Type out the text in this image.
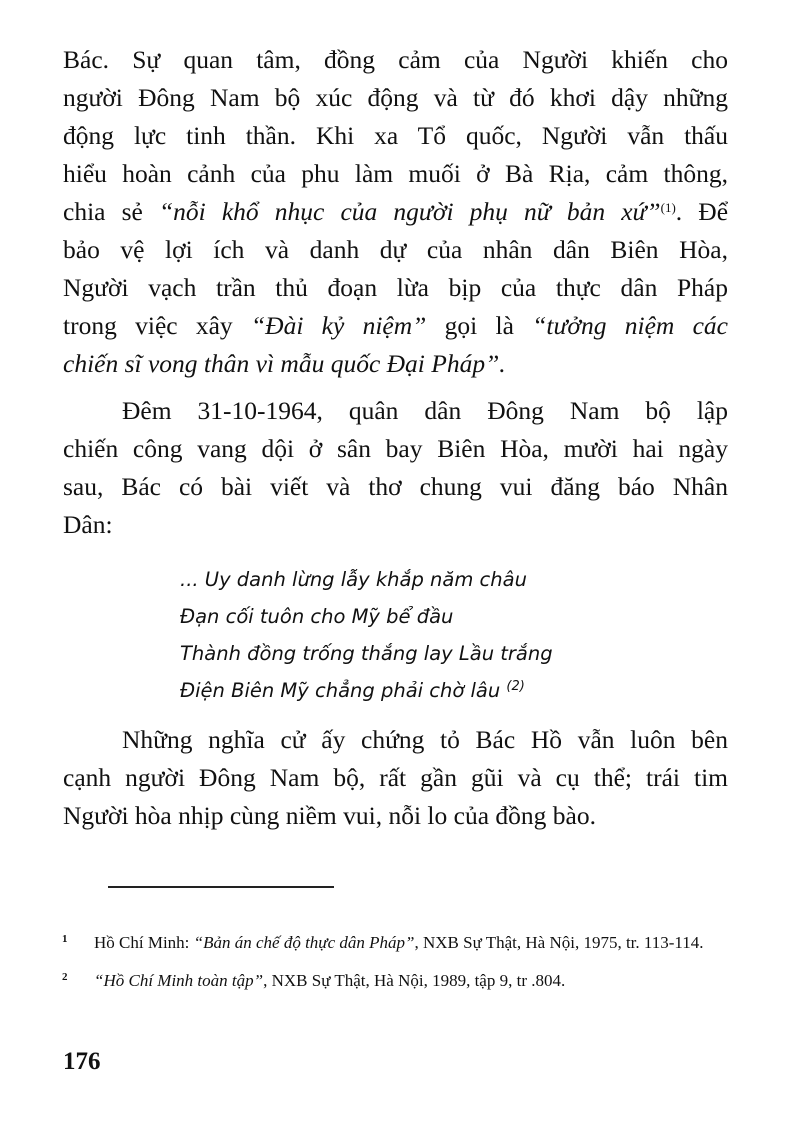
Bác. Sự quan tâm, đồng cảm của Người khiến cho
người Đông Nam bộ xúc động và từ đó khơi dậy những
động lực tinh thần. Khi xa Tổ quốc, Người vẫn thấu
hiểu hoàn cảnh của phu làm muối ở Bà Rịa, cảm thông,
chia sẻ “nỗi khổ nhục của người phụ nữ bản xứ”$^{(1)}$. Để
bảo vệ lợi ích và danh dự của nhân dân Biên Hòa,
Người vạch trần thủ đoạn lừa bịp của thực dân Pháp
trong việc xây “Đài kỷ niệm” gọi là “tưởng niệm các
chiến sĩ vong thân vì mẫu quốc Đại Pháp”.
Đêm 31-10-1964, quân dân Đông Nam bộ lập
chiến công vang dội ở sân bay Biên Hòa, mười hai ngày
sau, Bác có bài viết và thơ chung vui đăng báo Nhân
Dân:
... Uy danh lừng lẫy khắp năm châu
Đạn cối tuôn cho Mỹ bể đầu
Thành đồng trống thắng lay Lầu trắng
Điện Biên Mỹ chẳng phải chờ lâu $^{(2)}$
Những nghĩa cử ấy chứng tỏ Bác Hồ vẫn luôn bên
cạnh người Đông Nam bộ, rất gần gũi và cụ thể; trái tim
Người hòa nhịp cùng niềm vui, nỗi lo của đồng bào.
1 Hồ Chí Minh: “Bản án chế độ thực dân Pháp”, NXB Sự Thật, Hà Nội, 1975, tr. 113-114.
2 “Hồ Chí Minh toàn tập”, NXB Sự Thật, Hà Nội, 1989, tập 9, tr .804.
176
